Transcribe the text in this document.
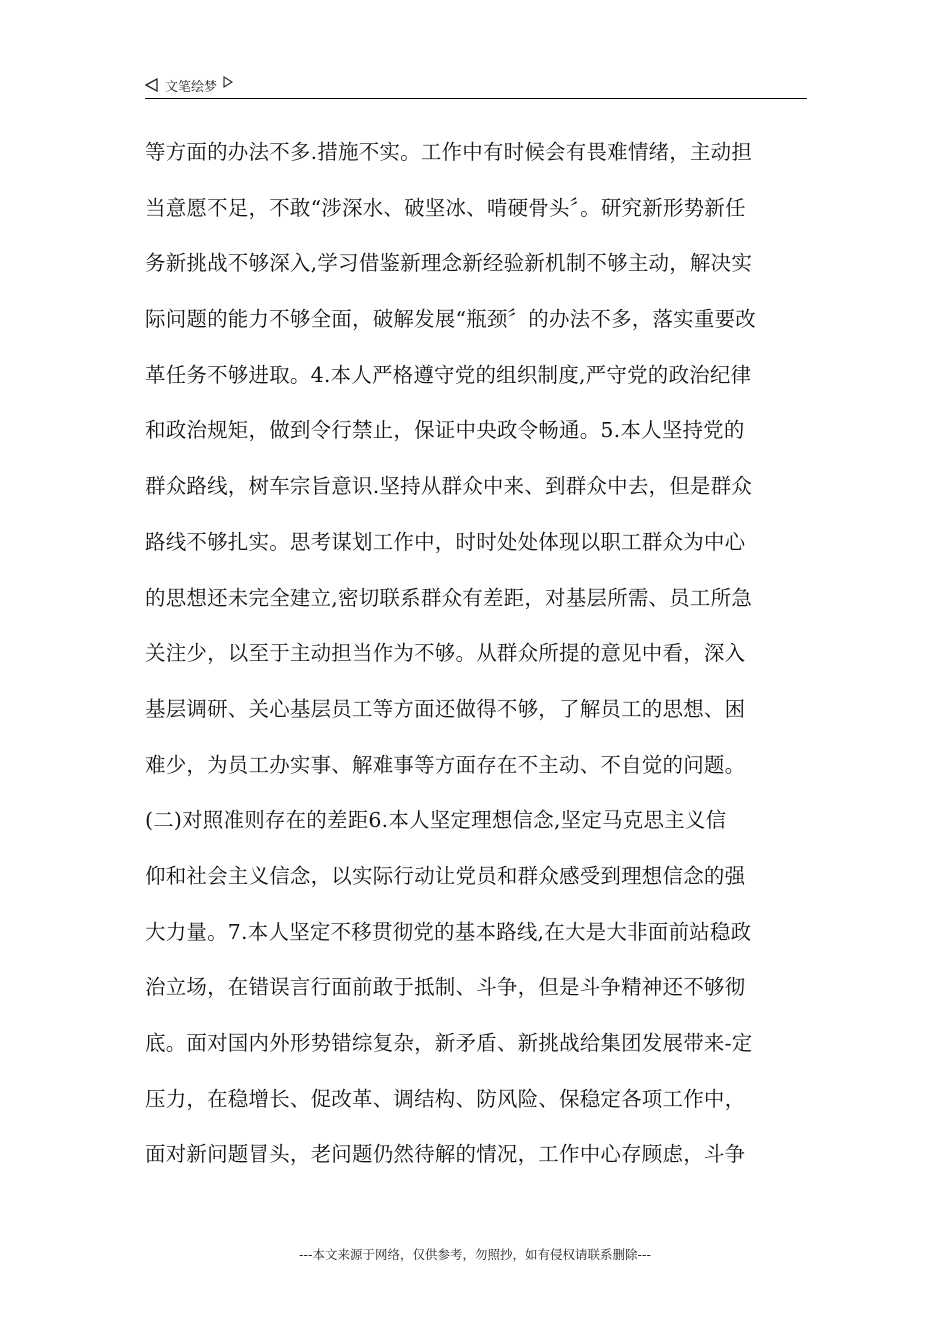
文笔绘梦
等方面的办法不多.措施不实。工作中有时候会有畏难情绪，主动担
当意愿不足，不敢“涉深水、破坚冰、啃硬骨头〞。研究新形势新任
务新挑战不够深入,学习借鉴新理念新经验新机制不够主动，解决实
际问题的能力不够全面，破解发展“瓶颈〞的办法不多，落实重要改
革任务不够进取。4.本人严格遵守党的组织制度,严守党的政治纪律
和政治规矩，做到令行禁止，保证中央政令畅通。5.本人坚持党的
群众路线，树车宗旨意识.坚持从群众中来、到群众中去，但是群众
路线不够扎实。思考谋划工作中，时时处处体现以职工群众为中心
的思想还未完全建立,密切联系群众有差距，对基层所需、员工所急
关注少，以至于主动担当作为不够。从群众所提的意见中看，深入
基层调研、关心基层员工等方面还做得不够，了解员工的思想、困
难少，为员工办实事、解难事等方面存在不主动、不自觉的问题。
(二)对照准则存在的差距6.本人坚定理想信念,坚定马克思主义信
仰和社会主义信念，以实际行动让党员和群众感受到理想信念的强
大力量。7.本人坚定不移贯彻党的基本路线,在大是大非面前站稳政
治立场，在错误言行面前敢于抵制、斗争，但是斗争精神还不够彻
底。面对国内外形势错综复杂，新矛盾、新挑战给集团发展带来-定
压力，在稳增长、促改革、调结构、防风险、保稳定各项工作中，
面对新问题冒头，老问题仍然待解的情况，工作中心存顾虑，斗争
---本文来源于网络，仅供参考，勿照抄，如有侵权请联系删除---
